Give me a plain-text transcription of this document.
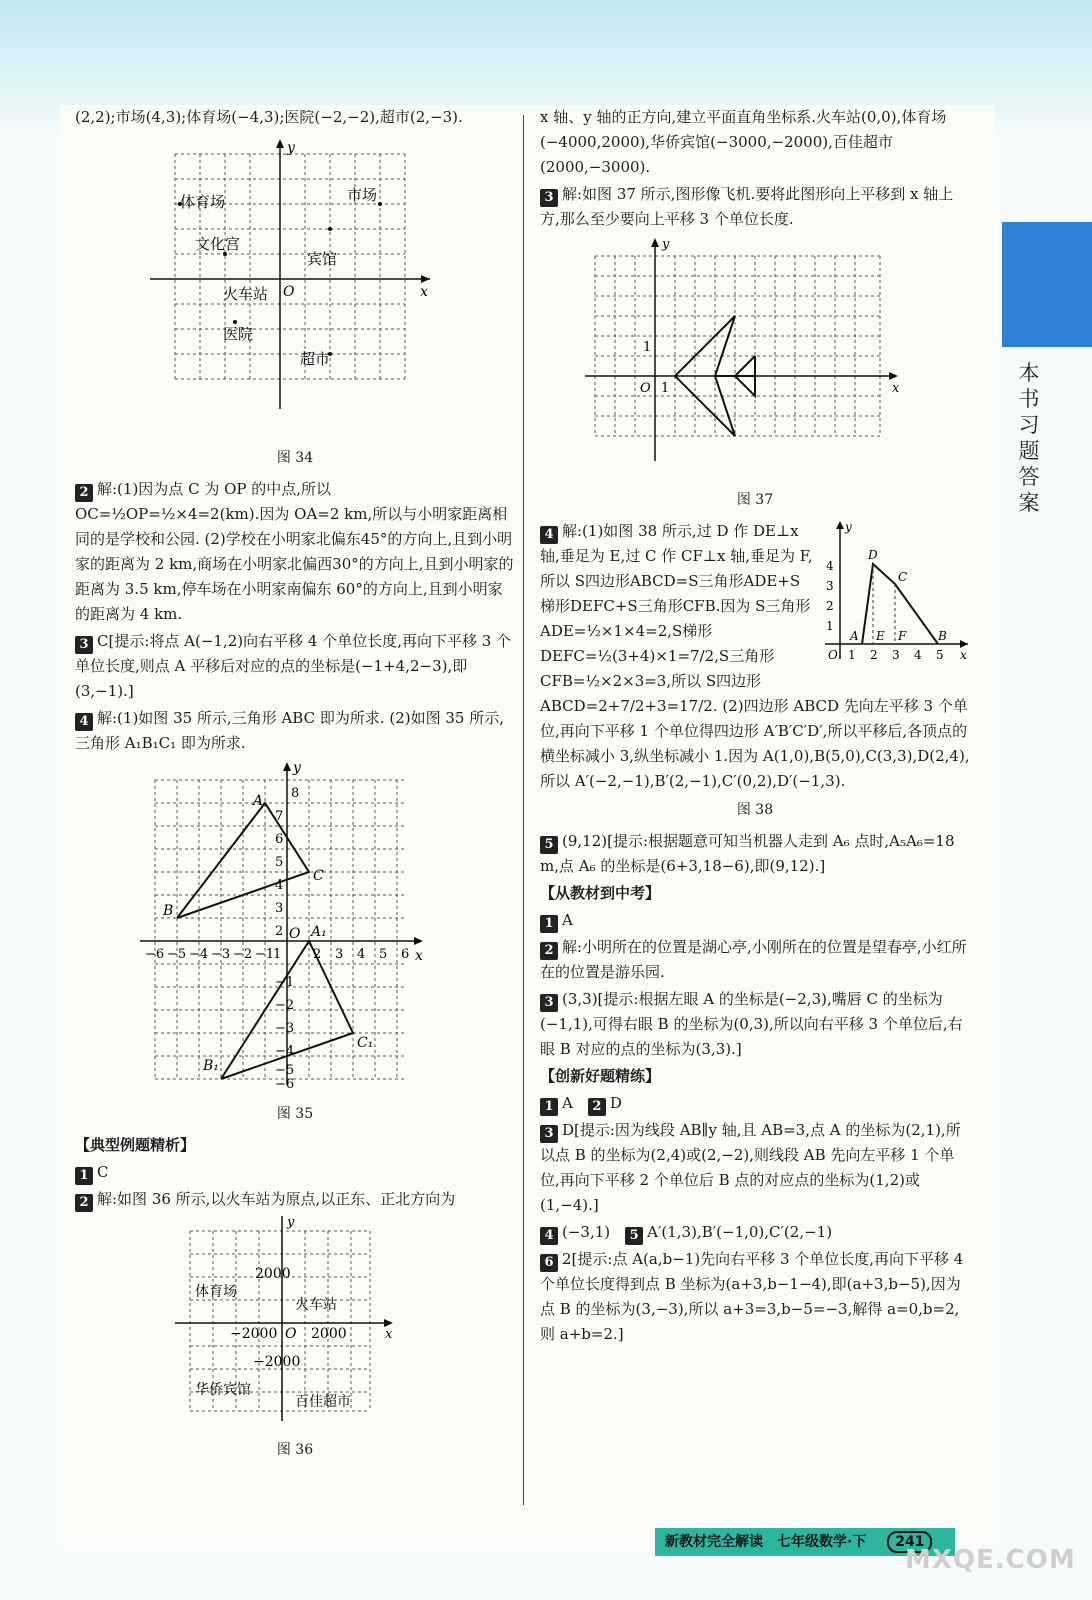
本书习题答案

(2,2);市场(4,3);体育场(−4,3);医院(−2,−2),超市(2,−3).

x
y
O
体育场	市场
文化宫
宾馆
火车站
医院
超市
图 34

2 解:(1)因为点 C 为 OP 的中点,所以 OC=½OP=½×4=2(km).因为 OA=2 km,所以与小明家距离相同的是学校和公园. (2)学校在小明家北偏东45°的方向上,且到小明家的距离为 2 km,商场在小明家北偏西30°的方向上,且到小明家的距离为 3.5 km,停车场在小明家南偏东 60°的方向上,且到小明家的距离为 4 km.

3 C[提示:将点 A(−1,2)向右平移 4 个单位长度,再向下平移 3 个单位长度,则点 A 平移后对应的点的坐标是(−1+4,2−3),即(3,−1).]

4 解:(1)如图 35 所示,三角形 ABC 即为所求. (2)如图 35 所示,三角形 A₁B₁C₁ 即为所求.

x
y
8
7
6
5
4
3
2
1
−1
−2
−3
−4
−5
−6
−6 −5 −4 −3 −2 −1	2 3 4 5 6
A
C
B
O A₁
C₁
B₁
图 35
【典型例题精析】

1 C

2 解:如图 36 所示,以火车站为原点,以正东、正北方向为

x
y
体育场
火车站
华侨宾馆
百佳超市
2000
−2000
−2000
2000
O
图 36

x 轴、y 轴的正方向,建立平面直角坐标系.火车站(0,0),体育场(−4000,2000),华侨宾馆(−3000,−2000),百佳超市(2000,−3000).

3 解:如图 37 所示,图形像飞机.要将此图形向上平移到 x 轴上方,那么至少要向上平移 3 个单位长度.

x
y
O 1
1
图 37
4
3
2
1
1 2 3 4 5
O	x
y
D
C
A E F	B

4 解:(1)如图 38 所示,过 D 作 DE⊥x 轴,垂足为 E,过 C 作 CF⊥x 轴,垂足为 F,所以 S四边形ABCD=S三角形ADE+S梯形DEFC+S三角形CFB.因为 S三角形ADE=½×1×4=2,S梯形DEFC=½(3+4)×1=7/2,S三角形CFB=½×2×3=3,所以 S四边形ABCD=2+7/2+3=17/2. (2)四边形 ABCD 先向左平移 3 个单位,再向下平移 1 个单位得四边形 A′B′C′D′,所以平移后,各顶点的横坐标减小 3,纵坐标减小 1.因为 A(1,0),B(5,0),C(3,3),D(2,4),所以 A′(−2,−1),B′(2,−1),C′(0,2),D′(−1,3).

图 38

5 (9,12)[提示:根据题意可知当机器人走到 A₆ 点时,A₅A₆=18 m,点 A₆ 的坐标是(6+3,18−6),即(9,12).]

【从教材到中考】

1 A

2 解:小明所在的位置是湖心亭,小刚所在的位置是望春亭,小红所在的位置是游乐园.

3 (3,3)[提示:根据左眼 A 的坐标是(−2,3),嘴唇 C 的坐标为(−1,1),可得右眼 B 的坐标为(0,3),所以向右平移 3 个单位后,右眼 B 对应的点的坐标为(3,3).]

【创新好题精练】

1 A　 2 D

3 D[提示:因为线段 AB∥y 轴,且 AB=3,点 A 的坐标为(2,1),所以点 B 的坐标为(2,4)或(2,−2),则线段 AB 先向左平移 1 个单位,再向下平移 2 个单位后 B 点的对应点的坐标为(1,2)或(1,−4).]

4 (−3,1)　 5 A′(1,3),B′(−1,0),C′(2,−1)

6 2[提示:点 A(a,b−1)先向右平移 3 个单位长度,再向下平移 4 个单位长度得到点 B 坐标为(a+3,b−1−4),即(a+3,b−5),因为点 B 的坐标为(3,−3),所以 a+3=3,b−5=−3,解得 a=0,b=2,则 a+b=2.]

新教材完全解读　七年级数学·下 241
MXQE.COM
